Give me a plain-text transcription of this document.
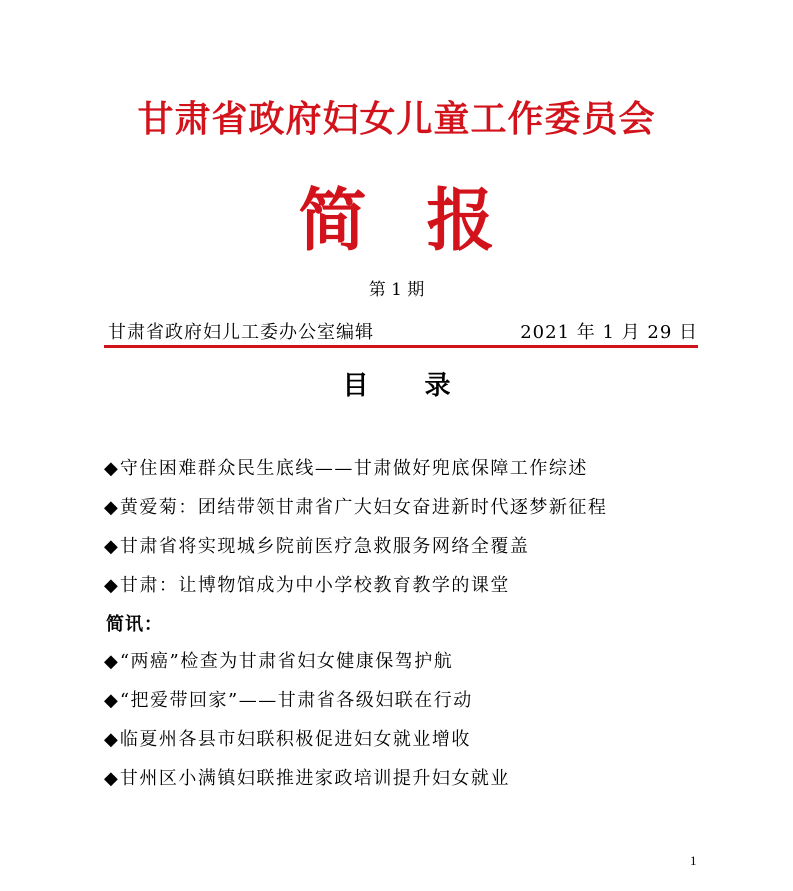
甘肃省政府妇女儿童工作委员会
简报
第 1 期
甘肃省政府妇儿工委办公室编辑	2021 年 1 月 29 日
目录
◆ 守住困难群众民生底线——甘肃做好兜底保障工作综述
◆ 黄爱菊：团结带领甘肃省广大妇女奋进新时代逐梦新征程
◆ 甘肃省将实现城乡院前医疗急救服务网络全覆盖
◆ 甘肃：让博物馆成为中小学校教育教学的课堂
简讯：
◆ “两癌”检查为甘肃省妇女健康保驾护航
◆ “把爱带回家”——甘肃省各级妇联在行动
◆ 临夏州各县市妇联积极促进妇女就业增收
◆ 甘州区小满镇妇联推进家政培训提升妇女就业
1
